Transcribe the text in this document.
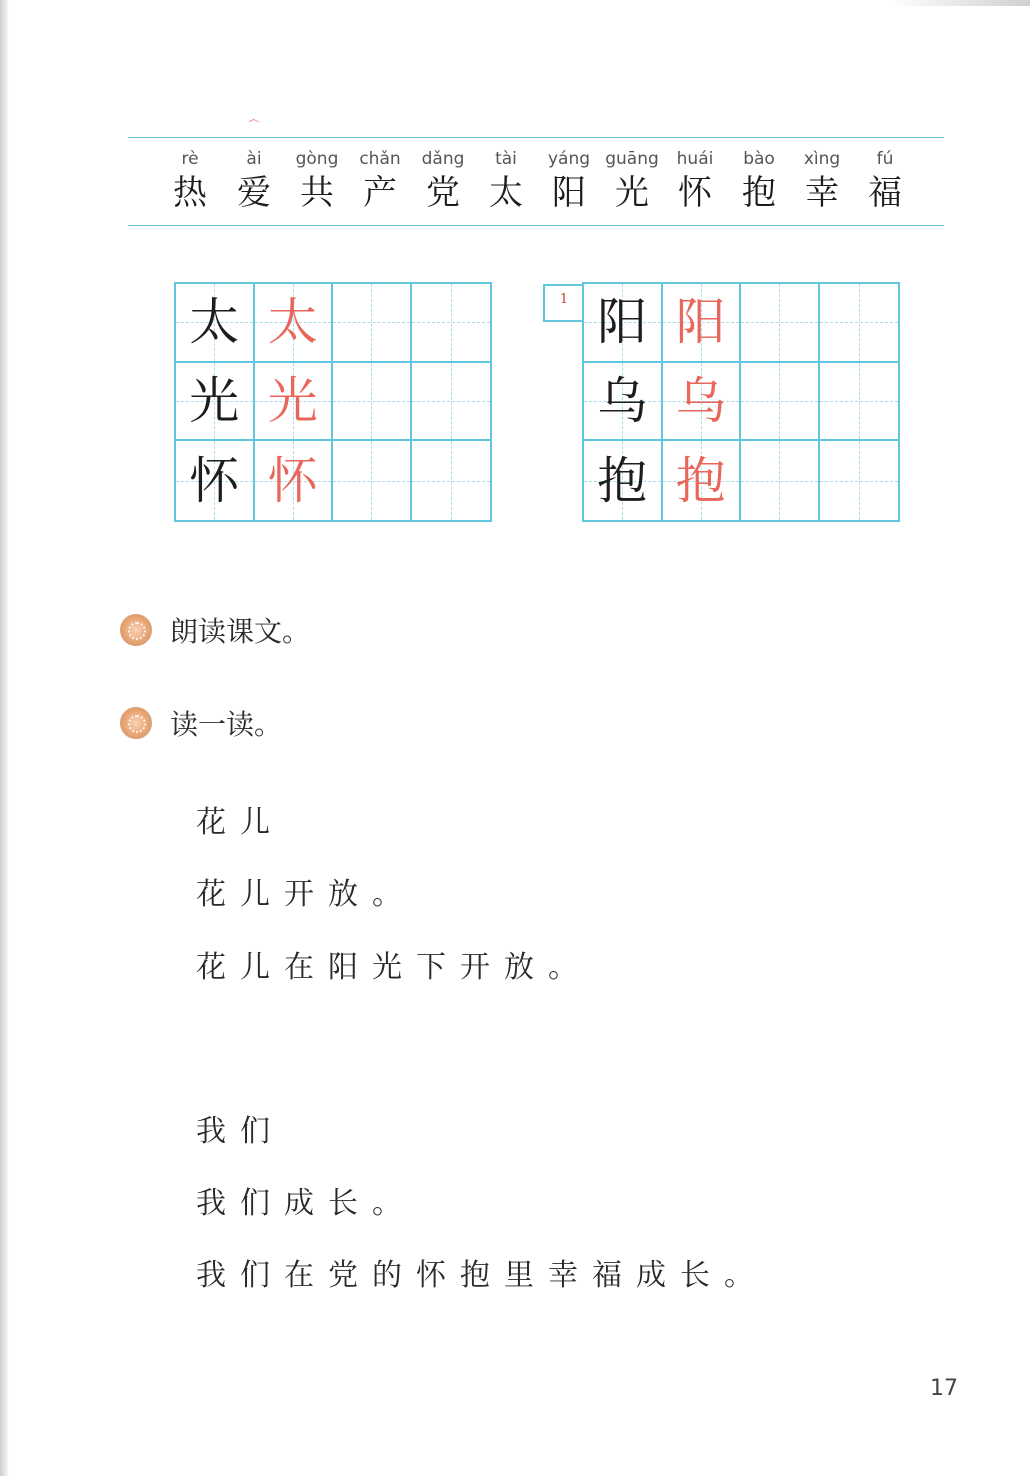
෴
rè
热
ài
爱
gòng
共
chǎn
产
dǎng
党
tài
太
yáng
阳
guāng
光
huái
怀
bào
抱
xìng
幸
fú
福
太 太
光 光
怀 怀
1 阳 阳
乌 乌
抱 抱
朗读课文。
读一读。
花儿
花儿开放。
花儿在阳光下开放。
我们
我们成长。
我们在党的怀抱里幸福成长。
17
